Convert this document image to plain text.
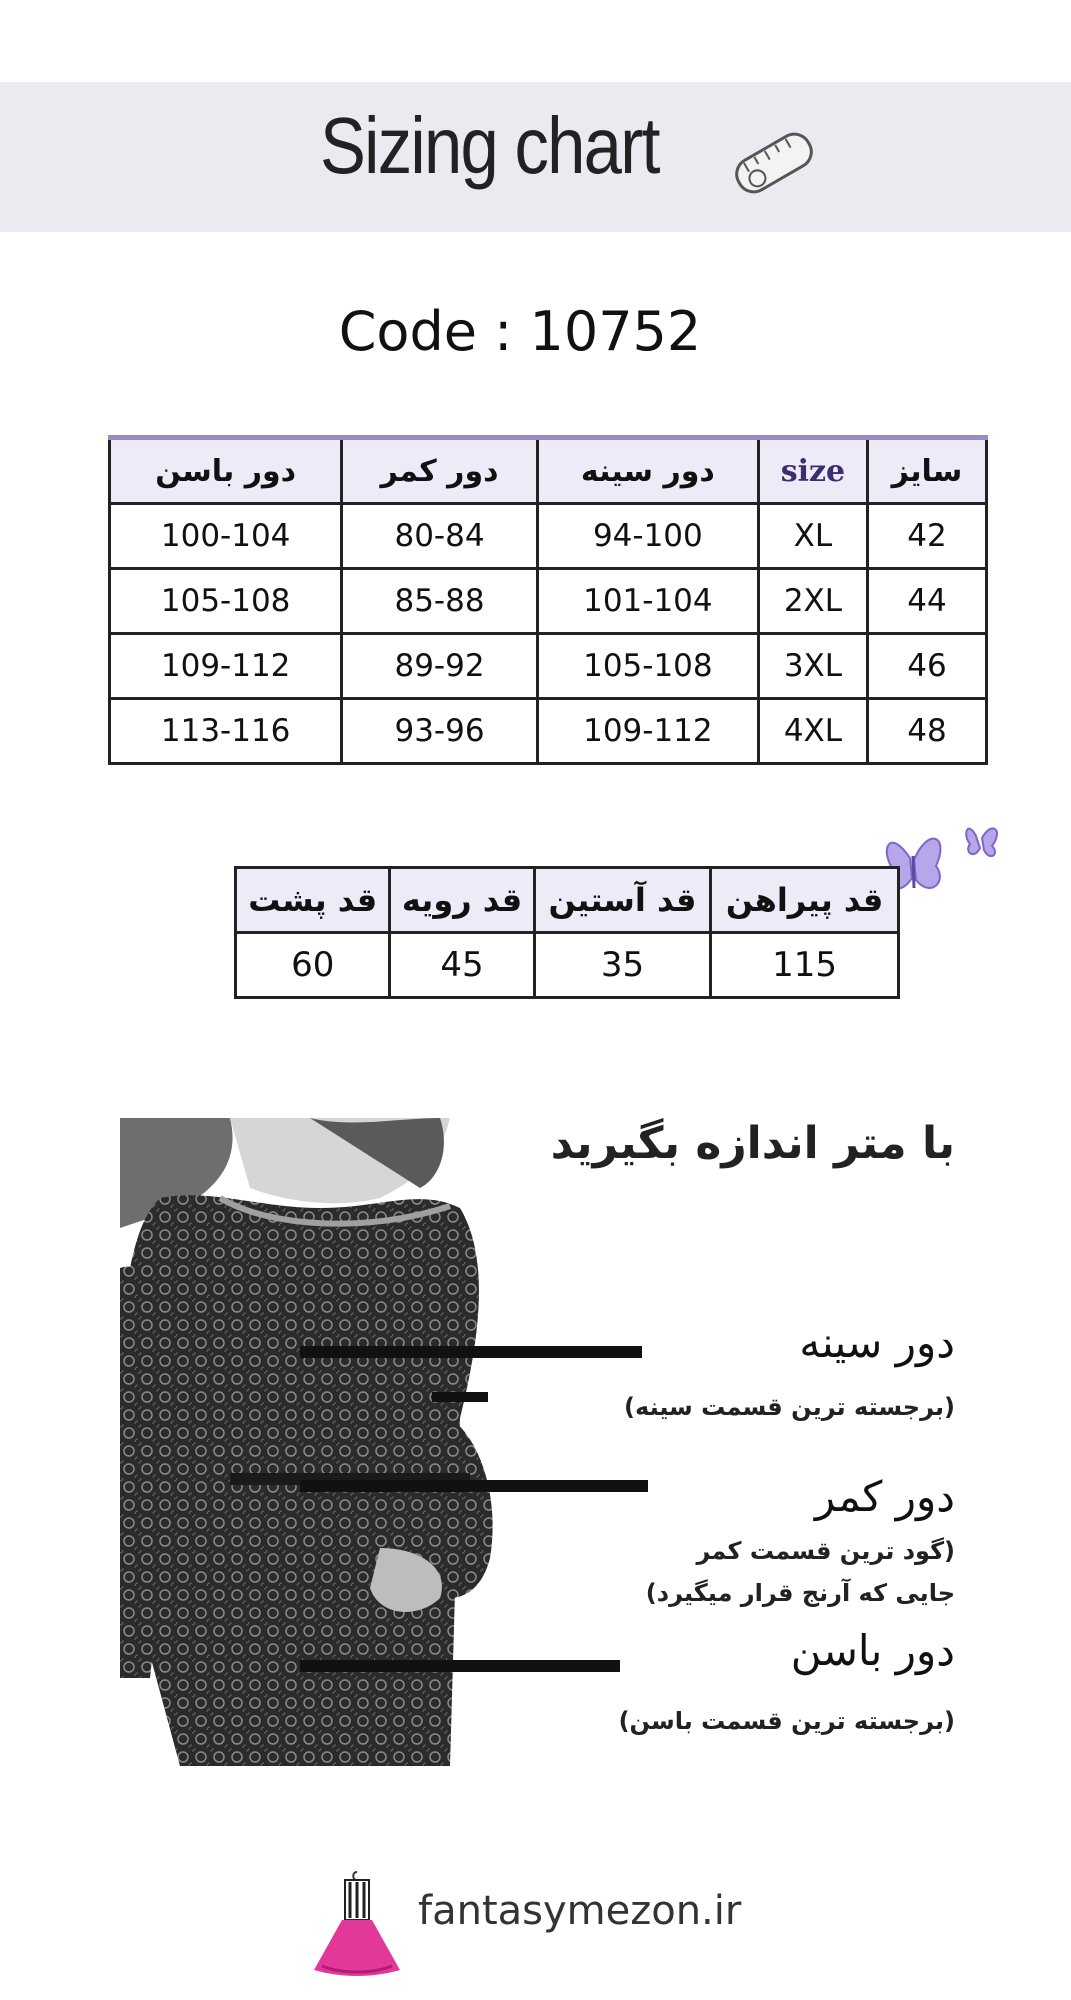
Sizing chart
Code : 10752
دور باسن	دور کمر	دور سینه	size	سایز
100-104	80-84	94-100	XL	42
105-108	85-88	101-104	2XL	44
109-112	89-92	105-108	3XL	46
113-116	93-96	109-112	4XL	48
قد پشت	قد رویه	قد آستین	قد پیراهن
60	45	35	115
با متر اندازه بگیرید
دور سینه
(برجسته ترین قسمت سینه)
دور کمر
(گود ترین قسمت کمر
جایی که آرنج قرار میگیرد)
دور باسن
(برجسته ترین قسمت باسن)
fantasymezon.ir
